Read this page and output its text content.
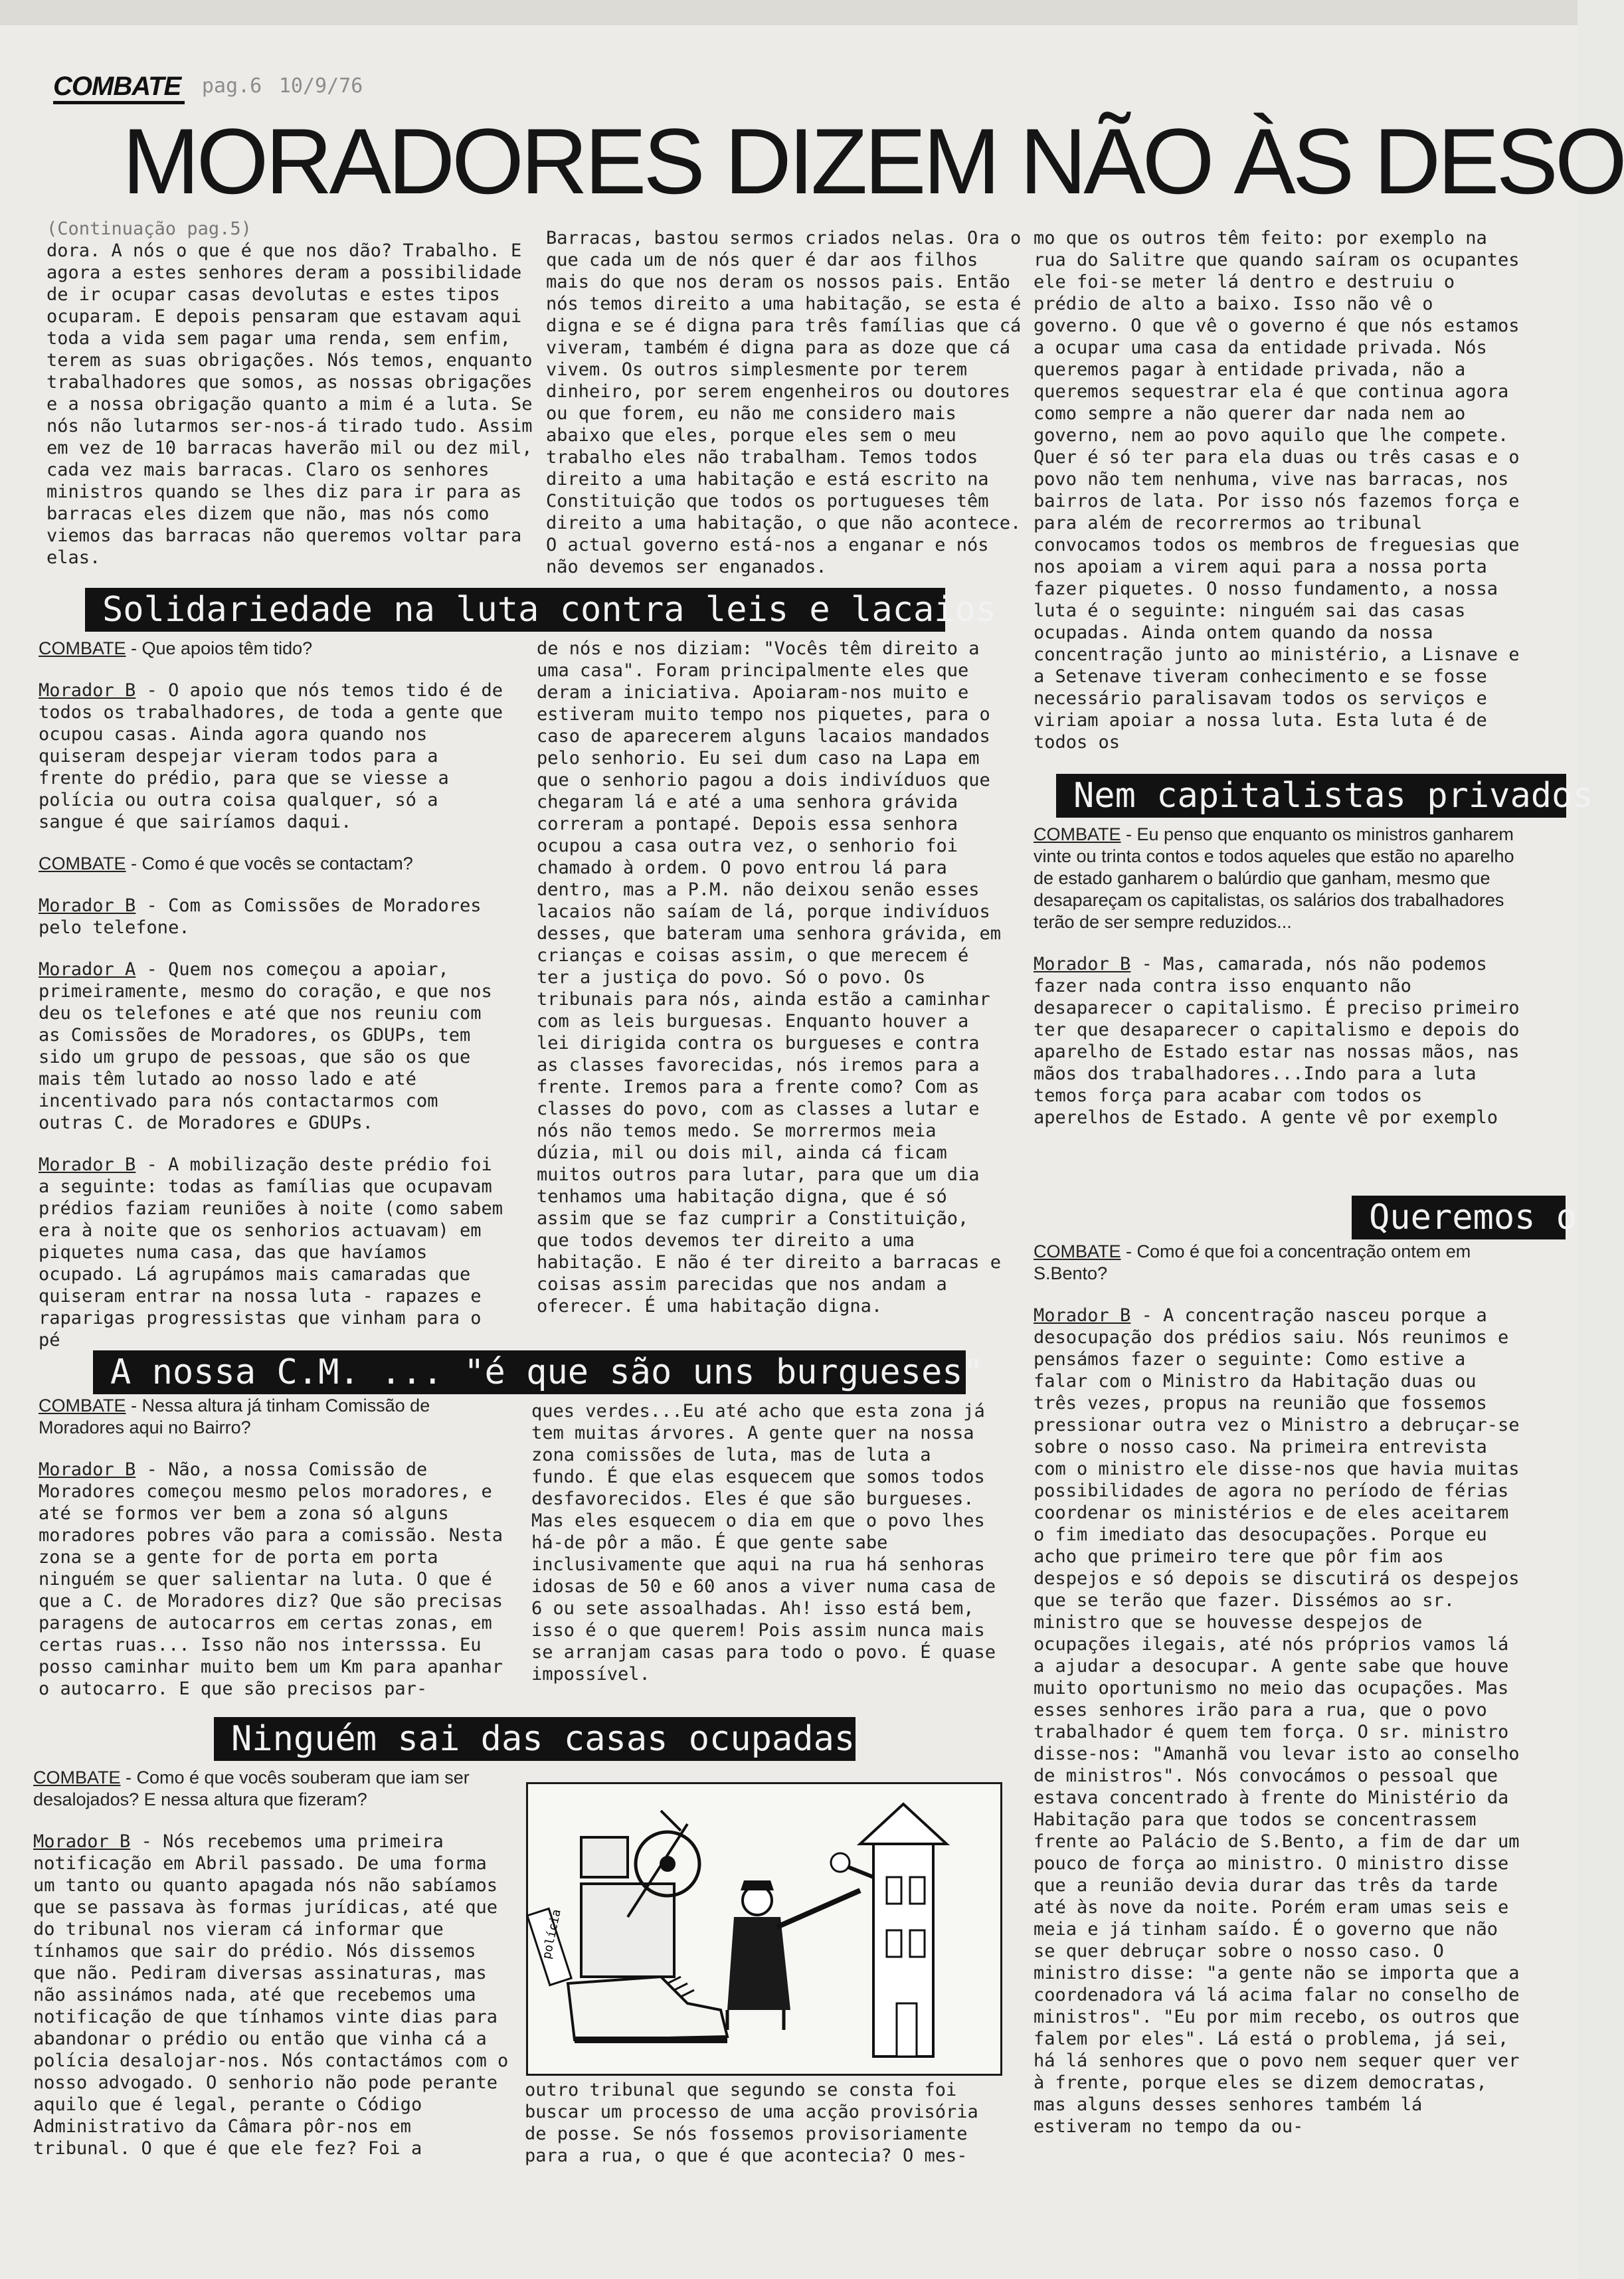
COMBATE pag.6 10/9/76
MORADORES DIZEM NÃO ÀS DESO

(Continuação pag.5)

dora. A nós o que é que nos dão? Trabalho. E agora a estes senhores deram a possibilidade de ir ocupar casas devolutas e estes tipos ocuparam. E depois pensaram que estavam aqui toda a vida sem pagar uma renda, sem enfim, terem as suas obrigações. Nós temos, enquanto trabalhadores que somos, as nossas obrigações e a nossa obrigação quanto a mim é a luta. Se nós não lutarmos ser-nos-á tirado tudo. Assim em vez de 10 barracas haverão mil ou dez mil, cada vez mais barracas. Claro os senhores ministros quando se lhes diz para ir para as barracas eles dizem que não, mas nós como viemos das barracas não queremos voltar para elas.

Barracas, bastou sermos criados nelas. Ora o que cada um de nós quer é dar aos filhos mais do que nos deram os nossos pais. Então nós temos direito a uma habitação, se esta é digna e se é digna para três famílias que cá viveram, também é digna para as doze que cá vivem. Os outros simplesmente por terem dinheiro, por serem engenheiros ou doutores ou que forem, eu não me considero mais abaixo que eles, porque eles sem o meu trabalho eles não trabalham. Temos todos direito a uma habitação e está escrito na Constituição que todos os portugueses têm direito a uma habitação, o que não acontece. O actual governo está-nos a enganar e nós não devemos ser enganados.

mo que os outros têm feito: por exemplo na rua do Salitre que quando saíram os ocupantes ele foi-se meter lá dentro e destruiu o prédio de alto a baixo. Isso não vê o governo. O que vê o governo é que nós estamos a ocupar uma casa da entidade privada. Nós queremos pagar à entidade privada, não a queremos sequestrar ela é que continua agora como sempre a não querer dar nada nem ao governo, nem ao povo aquilo que lhe compete. Quer é só ter para ela duas ou três casas e o povo não tem nenhuma, vive nas barracas, nos bairros de lata. Por isso nós fazemos força e para além de recorrermos ao tribunal convocamos todos os membros de freguesias que nos apoiam a virem aqui para a nossa porta fazer piquetes. O nosso fundamento, a nossa luta é o seguinte: ninguém sai das casas ocupadas. Ainda ontem quando da nossa concentração junto ao ministério, a Lisnave e a Setenave tiveram conhecimento e se fosse necessário paralisavam todos os serviços e viriam apoiar a nossa luta. Esta luta é de todos os

Solidariedade na luta contra leis e lacaios

COMBATE - Que apoios têm tido?

Morador B - O apoio que nós temos tido é de todos os trabalhadores, de toda a gente que ocupou casas. Ainda agora quando nos quiseram despejar vieram todos para a frente do prédio, para que se viesse a polícia ou outra coisa qualquer, só a sangue é que sairíamos daqui.

COMBATE - Como é que vocês se contactam?

Morador B - Com as Comissões de Moradores pelo telefone.

Morador A - Quem nos começou a apoiar, primeiramente, mesmo do coração, e que nos deu os telefones e até que nos reuniu com as Comissões de Moradores, os GDUPs, tem sido um grupo de pessoas, que são os que mais têm lutado ao nosso lado e até incentivado para nós contactarmos com outras C. de Moradores e GDUPs.

Morador B - A mobilização deste prédio foi a seguinte: todas as famílias que ocupavam prédios faziam reuniões à noite (como sabem era à noite que os senhorios actuavam) em piquetes numa casa, das que havíamos ocupado. Lá agrupámos mais camaradas que quiseram entrar na nossa luta - rapazes e raparigas progressistas que vinham para o pé

de nós e nos diziam: "Vocês têm direito a uma casa". Foram principalmente eles que deram a iniciativa. Apoiaram-nos muito e estiveram muito tempo nos piquetes, para o caso de aparecerem alguns lacaios mandados pelo senhorio. Eu sei dum caso na Lapa em que o senhorio pagou a dois indivíduos que chegaram lá e até a uma senhora grávida correram a pontapé. Depois essa senhora ocupou a casa outra vez, o senhorio foi chamado à ordem. O povo entrou lá para dentro, mas a P.M. não deixou senão esses lacaios não saíam de lá, porque indivíduos desses, que bateram uma senhora grávida, em crianças e coisas assim, o que merecem é ter a justiça do povo. Só o povo. Os tribunais para nós, ainda estão a caminhar com as leis burguesas. Enquanto houver a lei dirigida contra os burgueses e contra as classes favorecidas, nós iremos para a frente. Iremos para a frente como? Com as classes do povo, com as classes a lutar e nós não temos medo. Se morrermos meia dúzia, mil ou dois mil, ainda cá ficam muitos outros para lutar, para que um dia tenhamos uma habitação digna, que é só assim que se faz cumprir a Constituição, que todos devemos ter direito a uma habitação. E não é ter direito a barracas e coisas assim parecidas que nos andam a oferecer. É uma habitação digna.

Nem capitalistas privados

COMBATE - Eu penso que enquanto os ministros ganharem vinte ou trinta contos e todos aqueles que estão no aparelho de estado ganharem o balúrdio que ganham, mesmo que desapareçam os capitalistas, os salários dos trabalhadores terão de ser sempre reduzidos...

Morador B - Mas, camarada, nós não podemos fazer nada contra isso enquanto não desaparecer o capitalismo. É preciso primeiro ter que desaparecer o capitalismo e depois do aparelho de Estado estar nas nossas mãos, nas mãos dos trabalhadores...Indo para a luta temos força para acabar com todos os aperelhos de Estado. A gente vê por exemplo

Queremos o

COMBATE - Como é que foi a concentração ontem em S.Bento?

Morador B - A concentração nasceu porque a desocupação dos prédios saiu. Nós reunimos e pensámos fazer o seguinte: Como estive a falar com o Ministro da Habitação duas ou três vezes, propus na reunião que fossemos pressionar outra vez o Ministro a debruçar-se sobre o nosso caso. Na primeira entrevista com o ministro ele disse-nos que havia muitas possibilidades de agora no período de férias coordenar os ministérios e de eles aceitarem o fim imediato das desocupações. Porque eu acho que primeiro tere que pôr fim aos despejos e só depois se discutirá os despejos que se terão que fazer. Dissémos ao sr. ministro que se houvesse despejos de ocupações ilegais, até nós próprios vamos lá a ajudar a desocupar. A gente sabe que houve muito oportunismo no meio das ocupações. Mas esses senhores irão para a rua, que o povo trabalhador é quem tem força. O sr. ministro disse-nos: "Amanhã vou levar isto ao conselho de ministros". Nós convocámos o pessoal que estava concentrado à frente do Ministério da Habitação para que todos se concentrassem frente ao Palácio de S.Bento, a fim de dar um pouco de força ao ministro. O ministro disse que a reunião devia durar das três da tarde até às nove da noite. Porém eram umas seis e meia e já tinham saído. É o governo que não se quer debruçar sobre o nosso caso. O ministro disse: "a gente não se importa que a coordenadora vá lá acima falar no conselho de ministros". "Eu por mim recebo, os outros que falem por eles". Lá está o problema, já sei, há lá senhores que o povo nem sequer quer ver à frente, porque eles se dizem democratas, mas alguns desses senhores também lá estiveram no tempo da ou-

A nossa C.M. ... "é que são uns burgueses"

COMBATE - Nessa altura já tinham Comissão de Moradores aqui no Bairro?

Morador B - Não, a nossa Comissão de Moradores começou mesmo pelos moradores, e até se formos ver bem a zona só alguns moradores pobres vão para a comissão. Nesta zona se a gente for de porta em porta ninguém se quer salientar na luta. O que é que a C. de Moradores diz? Que são precisas paragens de autocarros em certas zonas, em certas ruas... Isso não nos intersssa. Eu posso caminhar muito bem um Km para apanhar o autocarro. E que são precisos par-

ques verdes...Eu até acho que esta zona já tem muitas árvores. A gente quer na nossa zona comissões de luta, mas de luta a fundo. É que elas esquecem que somos todos desfavorecidos. Eles é que são burgueses. Mas eles esquecem o dia em que o povo lhes há-de pôr a mão. É que gente sabe inclusivamente que aqui na rua há senhoras idosas de 50 e 60 anos a viver numa casa de 6 ou sete assoalhadas. Ah! isso está bem, isso é o que querem! Pois assim nunca mais se arranjam casas para todo o povo. É quase impossível.

Ninguém sai das casas ocupadas

COMBATE - Como é que vocês souberam que iam ser desalojados? E nessa altura que fizeram?

Morador B - Nós recebemos uma primeira notificação em Abril passado. De uma forma um tanto ou quanto apagada nós não sabíamos que se passava às formas jurídicas, até que do tribunal nos vieram cá informar que tínhamos que sair do prédio. Nós dissemos que não. Pediram diversas assinaturas, mas não assinámos nada, até que recebemos uma notificação de que tínhamos vinte dias para abandonar o prédio ou então que vinha cá a polícia desalojar-nos. Nós contactámos com o nosso advogado. O senhorio não pode perante aquilo que é legal, perante o Código Administrativo da Câmara pôr-nos em tribunal. O que é que ele fez? Foi a

polícia

outro tribunal que segundo se consta foi buscar um processo de uma acção provisória de posse. Se nós fossemos provisoriamente para a rua, o que é que acontecia? O mes-
